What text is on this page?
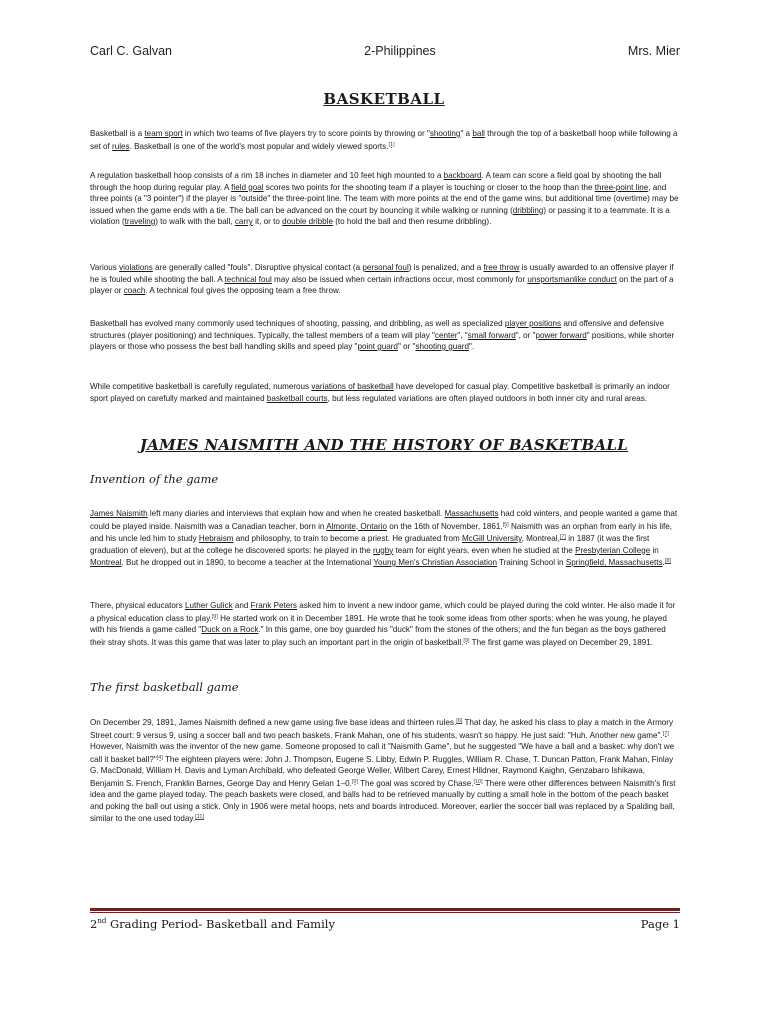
Carl C. Galvan	2-Philippines	Mrs. Mier
BASKETBALL
Basketball is a team sport in which two teams of five players try to score points by throwing or "shooting" a ball through the top of a basketball hoop while following a set of rules. Basketball is one of the world's most popular and widely viewed sports.[1]
A regulation basketball hoop consists of a rim 18 inches in diameter and 10 feet high mounted to a backboard. A team can score a field goal by shooting the ball through the hoop during regular play. A field goal scores two points for the shooting team if a player is touching or closer to the hoop than the three-point line, and three points (a "3 pointer") if the player is "outside" the three-point line. The team with more points at the end of the game wins, but additional time (overtime) may be issued when the game ends with a tie. The ball can be advanced on the court by bouncing it while walking or running (dribbling) or passing it to a teammate. It is a violation (traveling) to walk with the ball, carry it, or to double dribble (to hold the ball and then resume dribbling).
Various violations are generally called "fouls". Disruptive physical contact (a personal foul) is penalized, and a free throw is usually awarded to an offensive player if he is fouled while shooting the ball. A technical foul may also be issued when certain infractions occur, most commonly for unsportsmanlike conduct on the part of a player or coach. A technical foul gives the opposing team a free throw.
Basketball has evolved many commonly used techniques of shooting, passing, and dribbling, as well as specialized player positions and offensive and defensive structures (player positioning) and techniques. Typically, the tallest members of a team will play "center", "small forward", or "power forward" positions, while shorter players or those who possess the best ball handling skills and speed play "point guard" or "shooting guard".
While competitive basketball is carefully regulated, numerous variations of basketball have developed for casual play. Competitive basketball is primarily an indoor sport played on carefully marked and maintained basketball courts, but less regulated variations are often played outdoors in both inner city and rural areas.
JAMES NAISMITH AND THE HISTORY OF BASKETBALL
Invention of the game
James Naismith left many diaries and interviews that explain how and when he created basketball. Massachusetts had cold winters, and people wanted a game that could be played inside. Naismith was a Canadian teacher, born in Almonte, Ontario on the 16th of November, 1861.[5] Naismith was an orphan from early in his life, and his uncle led him to study Hebraism and philosophy, to train to become a priest. He graduated from McGill University, Montreal,[7] in 1887 (it was the first graduation of eleven), but at the college he discovered sports: he played in the rugby team for eight years, even when he studied at the Presbyterian College in Montreal. But he dropped out in 1890, to become a teacher at the International Young Men's Christian Association Training School in Springfield, Massachusetts.[8]
There, physical educators Luther Gulick and Frank Peters asked him to invent a new indoor game, which could be played during the cold winter. He also made it for a physical education class to play.[9] He started work on it in December 1891. He wrote that he took some ideas from other sports: when he was young, he played with his friends a game called "Duck on a Rock." In this game, one boy guarded his "duck" from the stones of the others; and the fun began as the boys gathered their stray shots. It was this game that was later to play such an important part in the origin of basketball.[9] The first game was played on December 29, 1891.
The first basketball game
On December 29, 1891, James Naismith defined a new game using five base ideas and thirteen rules.[6] That day, he asked his class to play a match in the Armory Street court: 9 versus 9, using a soccer ball and two peach baskets. Frank Mahan, one of his students, wasn't so happy. He just said: "Huh. Another new game".[7] However, Naismith was the inventor of the new game. Someone proposed to call it "Naismith Game", but he suggested "We have a ball and a basket: why don't we call it basket ball?"[4] The eighteen players were: John J. Thompson, Eugene S. Libby, Edwin P. Ruggles, William R. Chase, T. Duncan Patton, Frank Mahan, Finlay G. MacDonald, William H. Davis and Lyman Archibald, who defeated George Weller, Wilbert Carey, Ernest Hildner, Raymond Kaighn, Genzabaro Ishikawa, Benjamin S. French, Franklin Barnes, George Day and Henry Gelan 1–0.[9] The goal was scored by Chase.[10] There were other differences between Naismith's first idea and the game played today. The peach baskets were closed, and balls had to be retrieved manually by cutting a small hole in the bottom of the peach basket and poking the ball out using a stick. Only in 1906 were metal hoops, nets and boards introduced. Moreover, earlier the soccer ball was replaced by a Spalding ball, similar to the one used today.[11]
2nd Grading Period- Basketball and Family	Page 1
